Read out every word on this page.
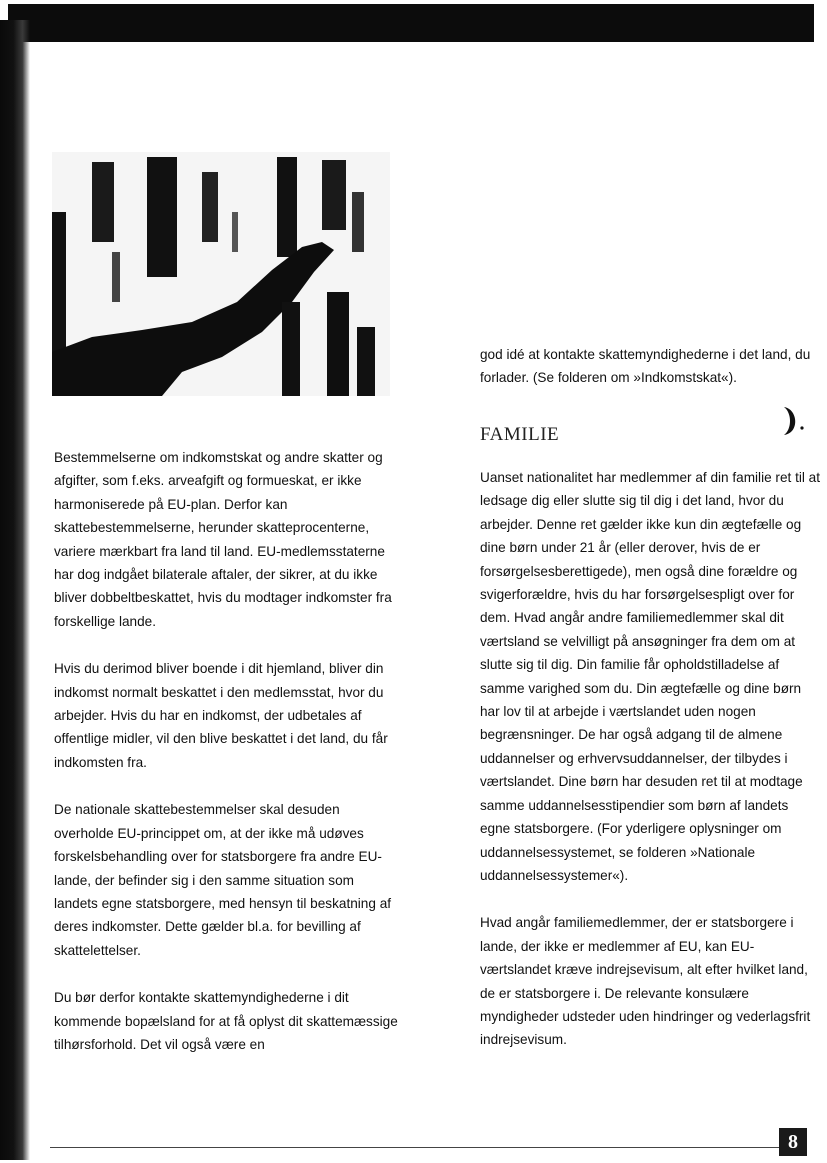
god idé at kontakte skattemyndighederne i det land, du forlader. (Se folderen om »Indkomstskat«).

FAMILIE

Bestemmelserne om indkomstskat og andre skatter og afgifter, som f.eks. arveafgift og formueskat, er ikke harmoniserede på EU-plan. Derfor kan skattebestemmelserne, herunder skatteprocenterne, variere mærkbart fra land til land. EU-medlemsstaterne har dog indgået bilaterale aftaler, der sikrer, at du ikke bliver dobbeltbeskattet, hvis du modtager indkomster fra forskellige lande.

Hvis du derimod bliver boende i dit hjemland, bliver din indkomst normalt beskattet i den medlemsstat, hvor du arbejder. Hvis du har en indkomst, der udbetales af offentlige midler, vil den blive beskattet i det land, du får indkomsten fra.

De nationale skattebestemmelser skal desuden overholde EU-princippet om, at der ikke må udøves forskelsbehandling over for statsborgere fra andre EU-lande, der befinder sig i den samme situation som landets egne statsborgere, med hensyn til beskatning af deres indkomster. Dette gælder bl.a. for bevilling af skattelettelser.

Du bør derfor kontakte skattemyndighederne i dit kommende bopælsland for at få oplyst dit skattemæssige tilhørsforhold. Det vil også være en

Uanset nationalitet har medlemmer af din familie ret til at ledsage dig eller slutte sig til dig i det land, hvor du arbejder. Denne ret gælder ikke kun din ægtefælle og dine børn under 21 år (eller derover, hvis de er forsørgelsesberettigede), men også dine forældre og svigerforældre, hvis du har forsørgelsespligt over for dem. Hvad angår andre familiemedlemmer skal dit værtsland se velvilligt på ansøgninger fra dem om at slutte sig til dig. Din familie får opholdstilladelse af samme varighed som du. Din ægtefælle og dine børn har lov til at arbejde i værtslandet uden nogen begrænsninger. De har også adgang til de almene uddannelser og erhvervsuddannelser, der tilbydes i værtslandet. Dine børn har desuden ret til at modtage samme uddannelsesstipendier som børn af landets egne statsborgere. (For yderligere oplysninger om uddannelsessystemet, se folderen »Nationale uddannelsessystemer«).

Hvad angår familiemedlemmer, der er statsborgere i lande, der ikke er medlemmer af EU, kan EU-værtslandet kræve indrejsevisum, alt efter hvilket land, de er statsborgere i. De relevante konsulære myndigheder udsteder uden hindringer og vederlagsfrit indrejsevisum.

8
